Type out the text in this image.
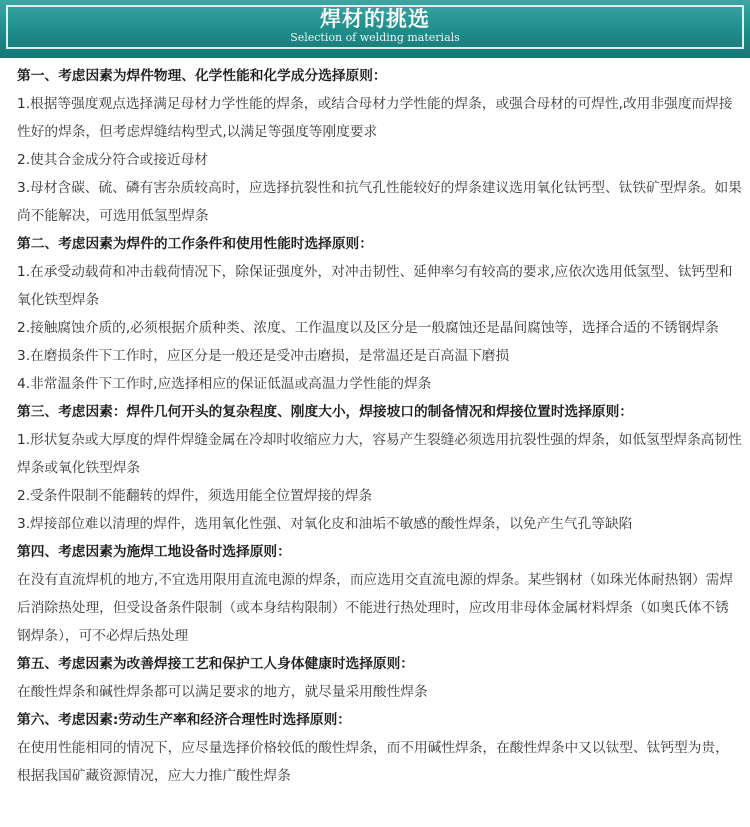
焊材的挑选
Selection of welding materials
第一、考虑因素为焊件物理、化学性能和化学成分选择原则：
1.根据等强度观点选择满足母材力学性能的焊条，或结合母材力学性能的焊条，或强合母材的可焊性,改用非强度而焊接性好的焊条，但考虑焊缝结构型式,以满足等强度等刚度要求
2.使其合金成分符合或接近母材
3.母材含碳、硫、磷有害杂质较高时，应选择抗裂性和抗气孔性能较好的焊条建议选用氧化钛钙型、钛铁矿型焊条。如果尚不能解决，可选用低氢型焊条
第二、考虑因素为焊件的工作条件和使用性能时选择原则：
1.在承受动载荷和冲击载荷情况下，除保证强度外，对冲击韧性、延伸率匀有较高的要求,应依次选用低氢型、钛钙型和氧化铁型焊条
2.接触腐蚀介质的,必须根据介质种类、浓度、工作温度以及区分是一般腐蚀还是晶间腐蚀等，选择合适的不锈钢焊条
3.在磨损条件下工作时，应区分是一般还是受冲击磨损，是常温还是百高温下磨损
4.非常温条件下工作时,应选择相应的保证低温或高温力学性能的焊条
第三、考虑因素：焊件几何开头的复杂程度、刚度大小，焊接坡口的制备情况和焊接位置时选择原则：
1.形状复杂或大厚度的焊件焊缝金属在冷却时收缩应力大，容易产生裂缝必须选用抗裂性强的焊条，如低氢型焊条高韧性焊条或氧化铁型焊条
2.受条件限制不能翻转的焊件，须选用能全位置焊接的焊条
3.焊接部位难以清理的焊件，选用氧化性强、对氧化皮和油垢不敏感的酸性焊条，以免产生气孔等缺陷
第四、考虑因素为施焊工地设备时选择原则：
在没有直流焊机的地方,不宜选用限用直流电源的焊条，而应选用交直流电源的焊条。某些钢材（如珠光体耐热钢）需焊后消除热处理，但受设备条件限制（或本身结构限制）不能进行热处理时，应改用非母体金属材料焊条（如奥氏体不锈钢焊条），可不必焊后热处理
第五、考虑因素为改善焊接工艺和保护工人身体健康时选择原则：
在酸性焊条和碱性焊条都可以满足要求的地方，就尽量采用酸性焊条
第六、考虑因素:劳动生产率和经济合理性时选择原则：
在使用性能相同的情况下，应尽量选择价格较低的酸性焊条，而不用碱性焊条，在酸性焊条中又以钛型、钛钙型为贵，根据我国矿藏资源情况，应大力推广酸性焊条
